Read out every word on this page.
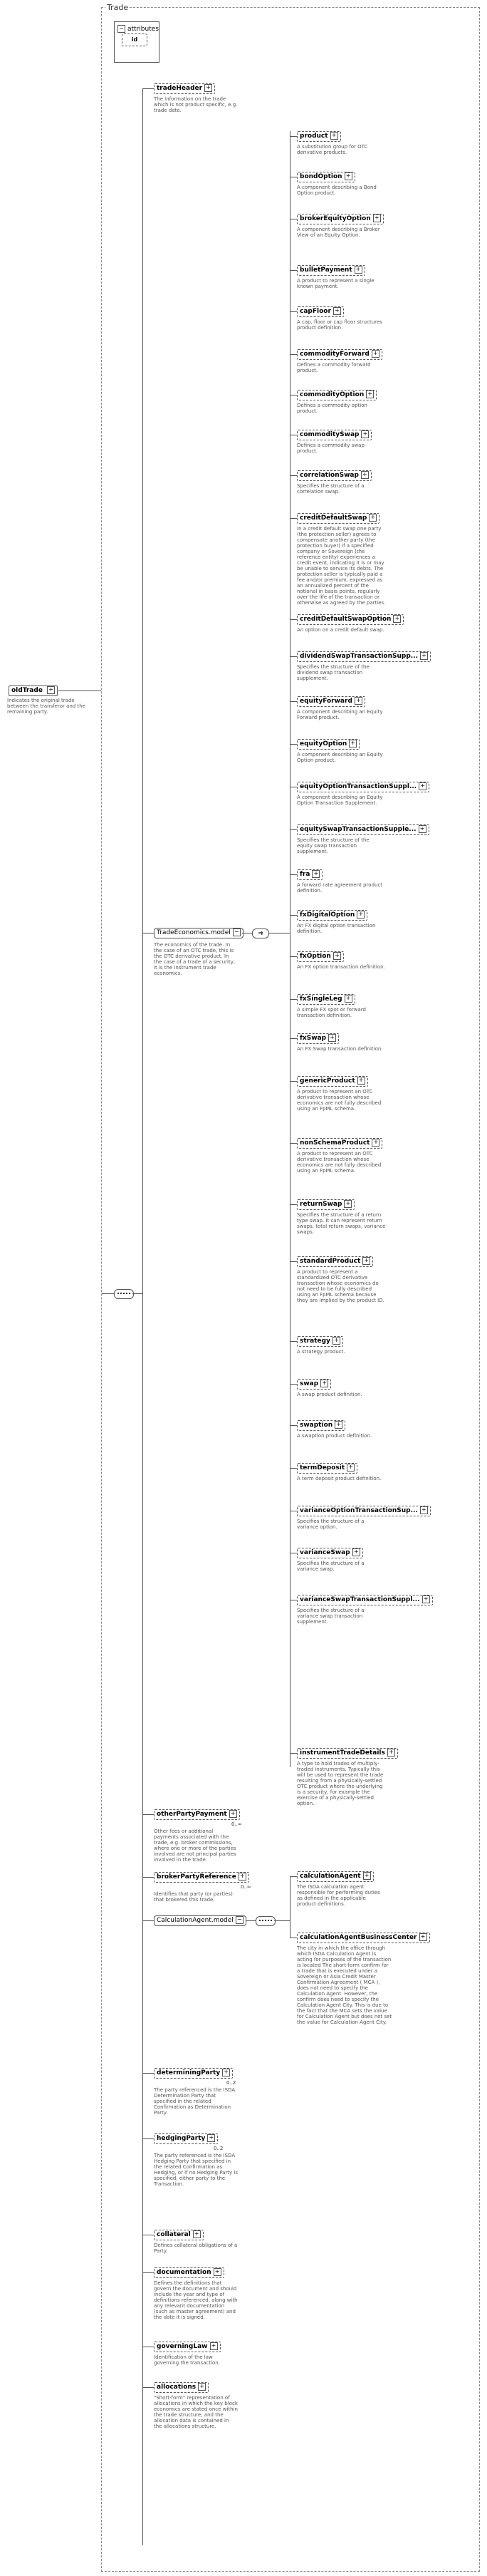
oldTrade +
Indicates the original trade between the transferor and the remaining party.
Trade
− attributes
id
tradeHeader +
The information on the trade which is not product specific, e.g. trade date.
TradeEconomics.model −
The economics of the trade. In the case of an OTC trade, this is the OTC derivative product. In the case of a trade of a security, it is the instrument trade economics.
⇉
product +
A substitution group for OTC derivative products.
bondOption +
A component describing a Bond Option product.
brokerEquityOption +
A component describing a Broker View of an Equity Option.
bulletPayment +
A product to represent a single known payment.
capFloor +
A cap, floor or cap floor structures product definition.
commodityForward +
Defines a commodity forward product.
commodityOption +
Defines a commodity option product.
commoditySwap +
Defines a commodity swap product.
correlationSwap +
Specifies the structure of a correlation swap.
creditDefaultSwap +
In a credit default swap one party (the protection seller) agrees to compensate another party (the protection buyer) if a specified company or Sovereign (the reference entity) experiences a credit event, indicating it is or may be unable to service its debts. The protection seller is typically paid a fee and/or premium, expressed as an annualized percent of the notional in basis points, regularly over the life of the transaction or otherwise as agreed by the parties.
creditDefaultSwapOption +
An option on a credit default swap.
dividendSwapTransactionSupp... +
Specifies the structure of the dividend swap transaction supplement.
equityForward +
A component describing an Equity Forward product.
equityOption +
A component describing an Equity Option product.
equityOptionTransactionSuppl... +
A component describing an Equity Option Transaction Supplement.
equitySwapTransactionSupple... +
Specifies the structure of the equity swap transaction supplement.
fra +
A forward rate agreement product definition.
fxDigitalOption +
An FX digital option transaction definition.
fxOption +
An FX option transaction definition.
fxSingleLeg +
A simple FX spot or forward transaction definition.
fxSwap +
An FX Swap transaction definition.
genericProduct +
A product to represent an OTC derivative transaction whose economics are not fully described using an FpML schema.
nonSchemaProduct +
A product to represent an OTC derivative transaction whose economics are not fully described using an FpML schema.
returnSwap +
Specifies the structure of a return type swap. It can represent return swaps, total return swaps, variance swaps.
standardProduct +
A product to represent a standardized OTC derivative transaction whose economics do not need to be fully described using an FpML schema because they are implied by the product ID.
strategy +
A strategy product.
swap +
A swap product definition.
swaption +
A swaption product definition.
termDeposit +
A term deposit product definition.
varianceOptionTransactionSup... +
Specifies the structure of a variance option.
varianceSwap +
Specifies the structure of a variance swap.
varianceSwapTransactionSuppl... +
Specifies the structure of a variance swap transaction supplement.
instrumentTradeDetails +
A type to hold trades of multiply-traded instruments. Typically this will be used to represent the trade resulting from a physically-settled OTC product where the underlying is a security, for example the exercise of a physically-settled option.
otherPartyPayment +
0..∞
Other fees or additional payments associated with the trade, e.g. broker commissions, where one or more of the parties involved are not principal parties involved in the trade.
brokerPartyReference +
0..∞
Identifies that party (or parties) that brokered this trade.
CalculationAgent.model −
calculationAgent +
The ISDA calculation agent responsible for performing duties as defined in the applicable product definitions.
calculationAgentBusinessCenter +
The city in which the office through which ISDA Calculation Agent is acting for purposes of the transaction is located The short-form confirm for a trade that is executed under a Sovereign or Asia Credit Master Confirmation Agreement ( MCA ), does not need to specify the Calculation Agent. However, the confirm does need to specify the Calculation Agent City. This is due to the fact that the MCA sets the value for Calculation Agent but does not set the value for Calculation Agent City.
determiningParty +
0..2
The party referenced is the ISDA Determination Party that specified in the related Confirmation as Determination Party.
hedgingParty +
0..2
The party referenced is the ISDA Hedging Party that specified in the related Confirmation as Hedging, or if no Hedging Party is specified, either party to the Transaction.
collateral +
Defines collateral obligations of a Party.
documentation +
Defines the definitions that govern the document and should include the year and type of definitions referenced, along with any relevant documentation (such as master agreement) and the date it is signed.
governingLaw +
Identification of the law governing the transaction.
allocations +
"Short-form" representation of allocations in which the key block economics are stated once within the trade structure, and the allocation data is contained in the allocations structure.
